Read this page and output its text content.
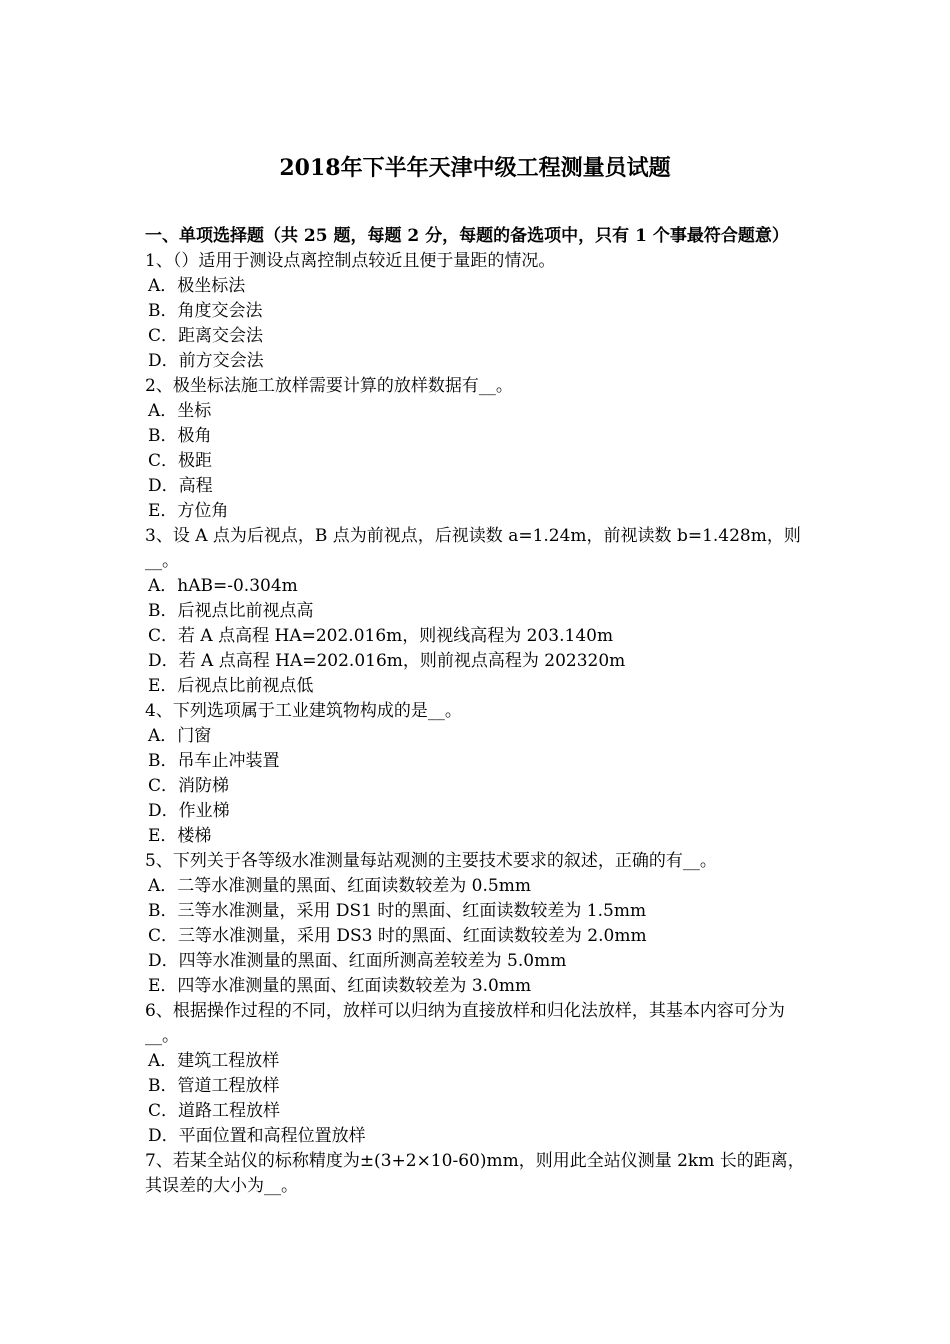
2018年下半年天津中级工程测量员试题

一、单项选择题（共 25 题，每题 2 分，每题的备选项中，只有 1 个事最符合题意）

1、（）适用于测设点离控制点较近且便于量距的情况。

A．极坐标法

B．角度交会法

C．距离交会法

D．前方交会法

2、极坐标法施工放样需要计算的放样数据有__。

A．坐标

B．极角

C．极距

D．高程

E．方位角

3、设 A 点为后视点，B 点为前视点，后视读数 a=1.24m，前视读数 b=1.428m，则__。

A．hAB=-0.304m

B．后视点比前视点高

C．若 A 点高程 HA=202.016m，则视线高程为 203.140m

D．若 A 点高程 HA=202.016m，则前视点高程为 202320m

E．后视点比前视点低

4、下列选项属于工业建筑物构成的是__。

A．门窗

B．吊车止冲装置

C．消防梯

D．作业梯

E．楼梯

5、下列关于各等级水准测量每站观测的主要技术要求的叙述，正确的有__。

A．二等水准测量的黑面、红面读数较差为 0.5mm

B．三等水准测量，采用 DS1 时的黑面、红面读数较差为 1.5mm

C．三等水准测量，采用 DS3 时的黑面、红面读数较差为 2.0mm

D．四等水准测量的黑面、红面所测高差较差为 5.0mm

E．四等水准测量的黑面、红面读数较差为 3.0mm

6、根据操作过程的不同，放样可以归纳为直接放样和归化法放样，其基本内容可分为__。

A．建筑工程放样

B．管道工程放样

C．道路工程放样

D．平面位置和高程位置放样

7、若某全站仪的标称精度为±(3+2×10-60)mm，则用此全站仪测量 2km 长的距离，其误差的大小为__。
